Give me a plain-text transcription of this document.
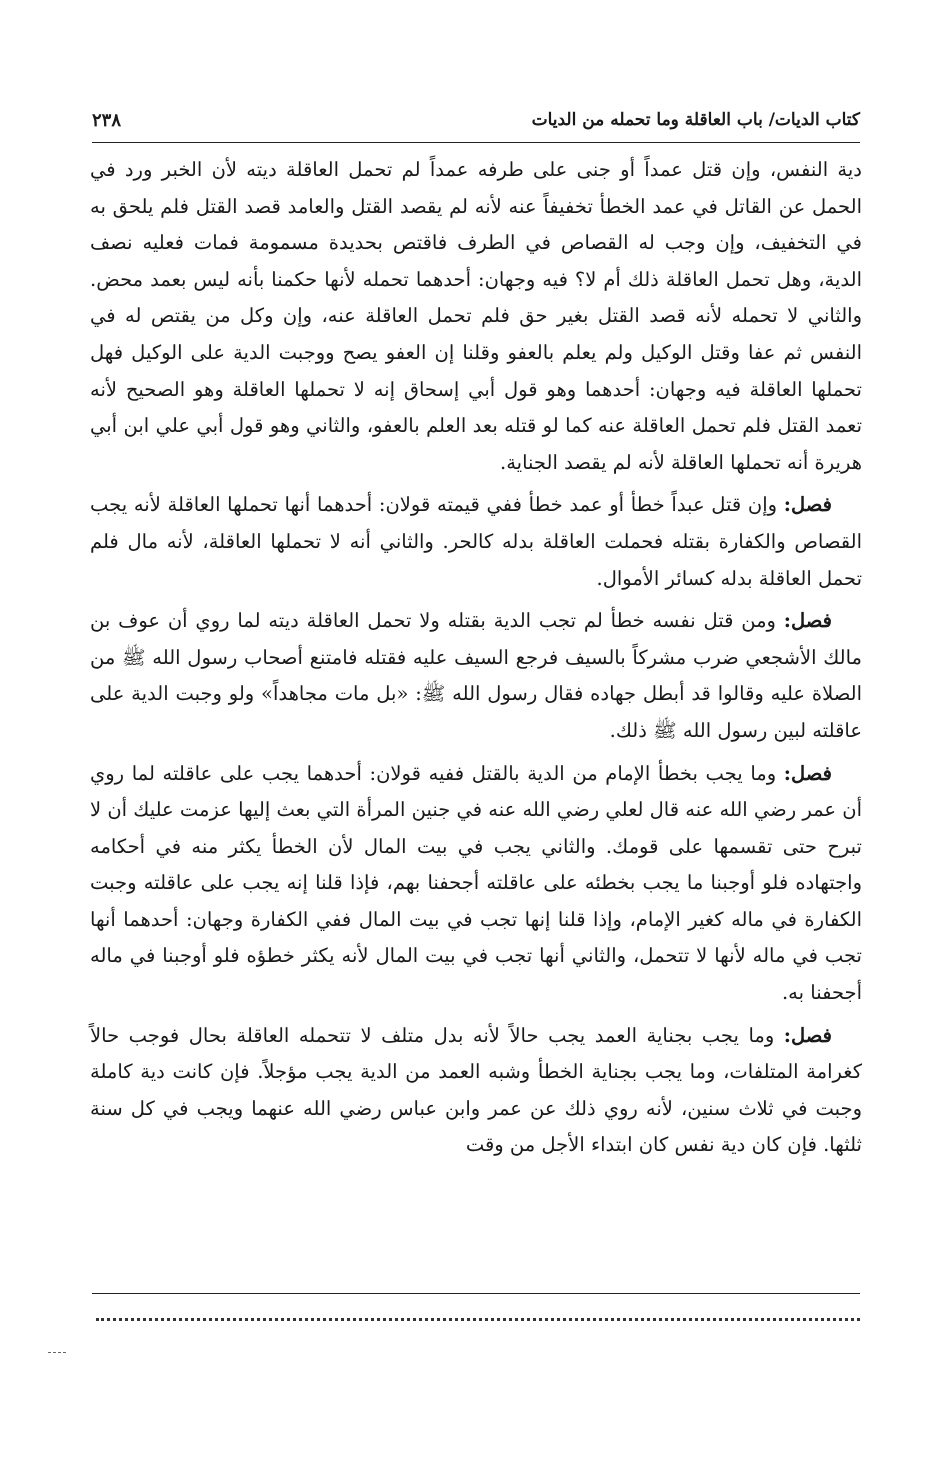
كتاب الديات/ باب العاقلة وما تحمله من الديات
٢٣٨

دية النفس، وإن قتل عمداً أو جنى على طرفه عمداً لم تحمل العاقلة ديته لأن الخبر ورد في الحمل عن القاتل في عمد الخطأ تخفيفاً عنه لأنه لم يقصد القتل والعامد قصد القتل فلم يلحق به في التخفيف، وإن وجب له القصاص في الطرف فاقتص بحديدة مسمومة فمات فعليه نصف الدية، وهل تحمل العاقلة ذلك أم لا؟ فيه وجهان: أحدهما تحمله لأنها حكمنا بأنه ليس بعمد محض. والثاني لا تحمله لأنه قصد القتل بغير حق فلم تحمل العاقلة عنه، وإن وكل من يقتص له في النفس ثم عفا وقتل الوكيل ولم يعلم بالعفو وقلنا إن العفو يصح ووجبت الدية على الوكيل فهل تحملها العاقلة فيه وجهان: أحدهما وهو قول أبي إسحاق إنه لا تحملها العاقلة وهو الصحيح لأنه تعمد القتل فلم تحمل العاقلة عنه كما لو قتله بعد العلم بالعفو، والثاني وهو قول أبي علي ابن أبي هريرة أنه تحملها العاقلة لأنه لم يقصد الجناية.

فصل: وإن قتل عبداً خطأ أو عمد خطأ ففي قيمته قولان: أحدهما أنها تحملها العاقلة لأنه يجب القصاص والكفارة بقتله فحملت العاقلة بدله كالحر. والثاني أنه لا تحملها العاقلة، لأنه مال فلم تحمل العاقلة بدله كسائر الأموال.

فصل: ومن قتل نفسه خطأ لم تجب الدية بقتله ولا تحمل العاقلة ديته لما روي أن عوف بن مالك الأشجعي ضرب مشركاً بالسيف فرجع السيف عليه فقتله فامتنع أصحاب رسول الله ﷺ من الصلاة عليه وقالوا قد أبطل جهاده فقال رسول الله ﷺ: «بل مات مجاهداً» ولو وجبت الدية على عاقلته لبين رسول الله ﷺ ذلك.

فصل: وما يجب بخطأ الإمام من الدية بالقتل ففيه قولان: أحدهما يجب على عاقلته لما روي أن عمر رضي الله عنه قال لعلي رضي الله عنه في جنين المرأة التي بعث إليها عزمت عليك أن لا تبرح حتى تقسمها على قومك. والثاني يجب في بيت المال لأن الخطأ يكثر منه في أحكامه واجتهاده فلو أوجبنا ما يجب بخطئه على عاقلته أجحفنا بهم، فإذا قلنا إنه يجب على عاقلته وجبت الكفارة في ماله كغير الإمام، وإذا قلنا إنها تجب في بيت المال ففي الكفارة وجهان: أحدهما أنها تجب في ماله لأنها لا تتحمل، والثاني أنها تجب في بيت المال لأنه يكثر خطؤه فلو أوجبنا في ماله أجحفنا به.

فصل: وما يجب بجناية العمد يجب حالاً لأنه بدل متلف لا تتحمله العاقلة بحال فوجب حالاً كغرامة المتلفات، وما يجب بجناية الخطأ وشبه العمد من الدية يجب مؤجلاً. فإن كانت دية كاملة وجبت في ثلاث سنين، لأنه روي ذلك عن عمر وابن عباس رضي الله عنهما ويجب في كل سنة ثلثها. فإن كان دية نفس كان ابتداء الأجل من وقت
